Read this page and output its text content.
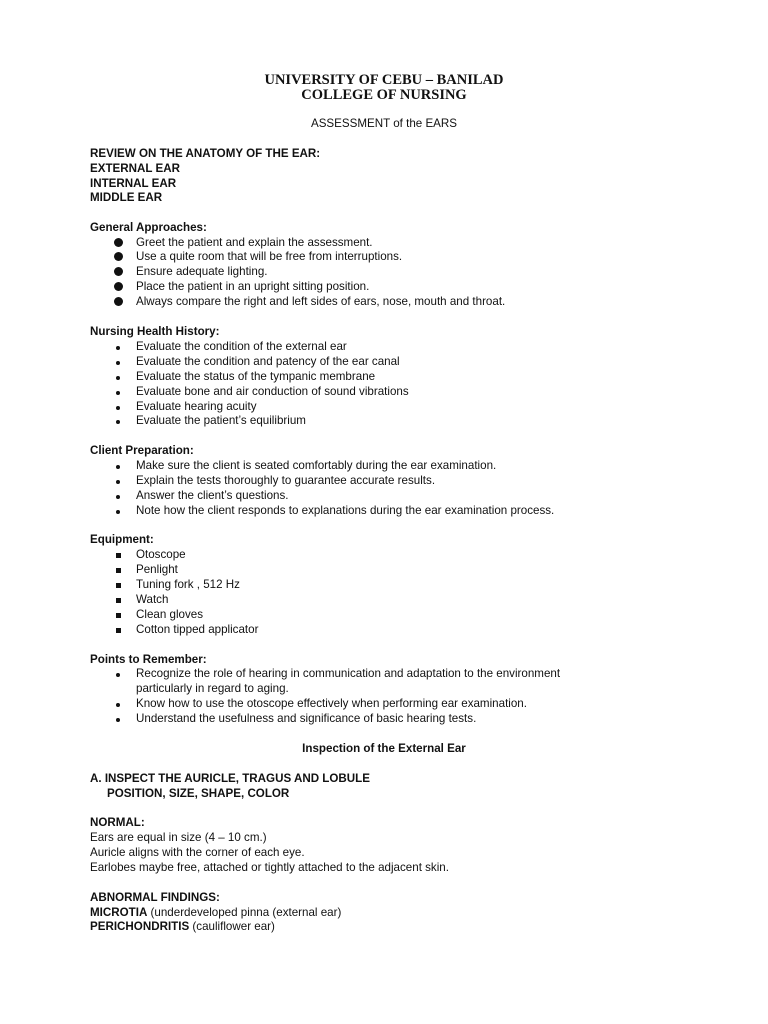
UNIVERSITY OF CEBU – BANILAD
COLLEGE OF NURSING
ASSESSMENT of the EARS
REVIEW ON THE ANATOMY OF THE EAR:
EXTERNAL EAR
INTERNAL EAR
MIDDLE EAR
General Approaches:
Greet the patient and explain the assessment.
Use a quite room that will be free from interruptions.
Ensure adequate lighting.
Place the patient in an upright sitting position.
Always compare the right and left sides of ears, nose, mouth and throat.
Nursing Health History:
Evaluate the condition of the external ear
Evaluate the condition and patency of the ear canal
Evaluate the status of the tympanic membrane
Evaluate bone and air conduction of sound vibrations
Evaluate hearing acuity
Evaluate the patient’s equilibrium
Client Preparation:
Make sure the client is seated comfortably during the ear examination.
Explain the tests thoroughly to guarantee accurate results.
Answer the client’s questions.
Note how the client responds to explanations during the ear examination process.
Equipment:
Otoscope
Penlight
Tuning fork , 512 Hz
Watch
Clean gloves
Cotton tipped applicator
Points to Remember:
Recognize the role of hearing in communication and adaptation to the environment
particularly in regard to aging.
Know how to use the otoscope effectively when performing ear examination.
Understand the usefulness and significance of basic hearing tests.
Inspection of the External Ear
A. INSPECT THE AURICLE, TRAGUS AND LOBULE
POSITION, SIZE, SHAPE, COLOR
NORMAL:
Ears are equal in size (4 – 10 cm.)
Auricle aligns with the corner of each eye.
Earlobes maybe free, attached or tightly attached to the adjacent skin.
ABNORMAL FINDINGS:
MICROTIA (underdeveloped pinna (external ear)
PERICHONDRITIS (cauliflower ear)
